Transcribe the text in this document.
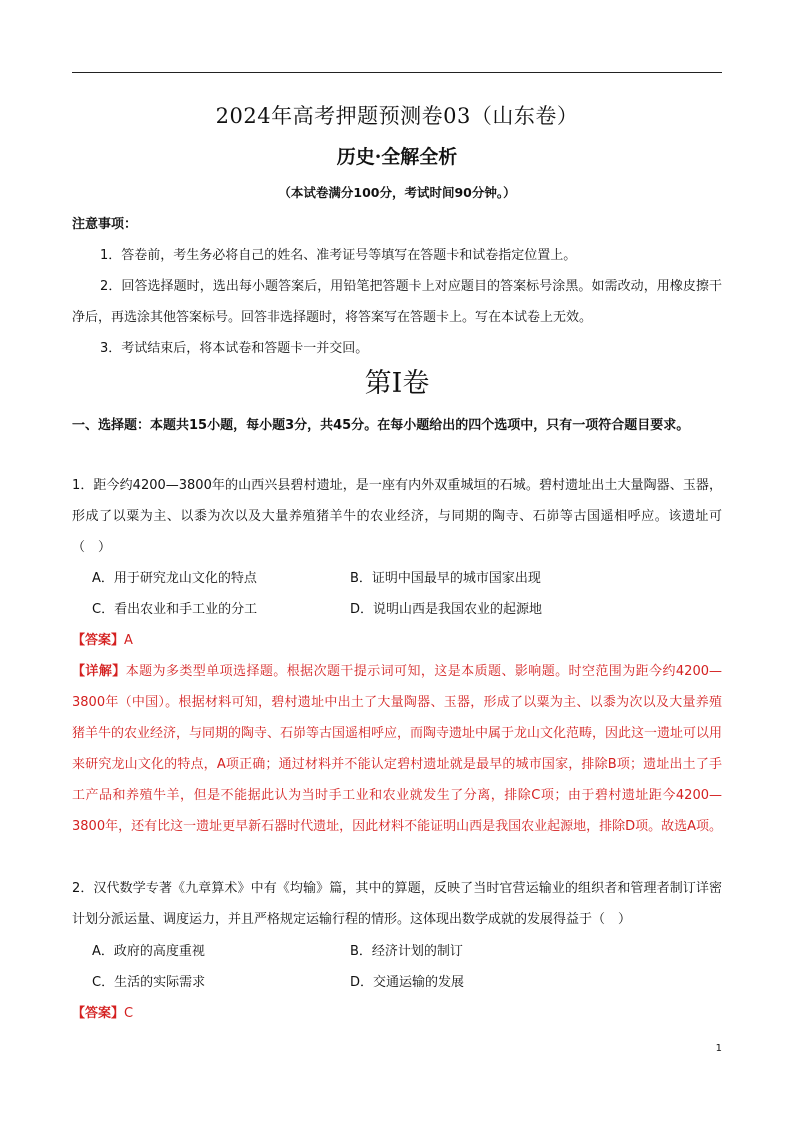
2024年高考押题预测卷03（山东卷）
历史·全解全析
（本试卷满分100分，考试时间90分钟。）
注意事项：

1．答卷前，考生务必将自己的姓名、准考证号等填写在答题卡和试卷指定位置上。

2．回答选择题时，选出每小题答案后，用铅笔把答题卡上对应题目的答案标号涂黑。如需改动，用橡皮擦干净后，再选涂其他答案标号。回答非选择题时，将答案写在答题卡上。写在本试卷上无效。

3．考试结束后，将本试卷和答题卡一并交回。

第Ⅰ卷

一、选择题：本题共15小题，每小题3分，共45分。在每小题给出的四个选项中，只有一项符合题目要求。

1．距今约4200—3800年的山西兴县碧村遗址，是一座有内外双重城垣的石城。碧村遗址出土大量陶器、玉器，形成了以粟为主、以黍为次以及大量养殖猪羊牛的农业经济，与同期的陶寺、石峁等古国遥相呼应。该遗址可（　）

A．用于研究龙山文化的特点	B．证明中国最早的城市国家出现
C．看出农业和手工业的分工	D．说明山西是我国农业的起源地
【答案】A

【详解】本题为多类型单项选择题。根据次题干提示词可知，这是本质题、影响题。时空范围为距今约4200—3800年（中国）。根据材料可知，碧村遗址中出土了大量陶器、玉器，形成了以粟为主、以黍为次以及大量养殖猪羊牛的农业经济，与同期的陶寺、石峁等古国遥相呼应，而陶寺遗址中属于龙山文化范畴，因此这一遗址可以用来研究龙山文化的特点，A项正确；通过材料并不能认定碧村遗址就是最早的城市国家，排除B项；遗址出土了手工产品和养殖牛羊，但是不能据此认为当时手工业和农业就发生了分离，排除C项；由于碧村遗址距今4200—3800年，还有比这一遗址更早新石器时代遗址，因此材料不能证明山西是我国农业起源地，排除D项。故选A项。

2．汉代数学专著《九章算术》中有《均输》篇，其中的算题，反映了当时官营运输业的组织者和管理者制订详密计划分派运量、调度运力，并且严格规定运输行程的情形。这体现出数学成就的发展得益于（　）

A．政府的高度重视	B．经济计划的制订
C．生活的实际需求	D．交通运输的发展
【答案】C
1
